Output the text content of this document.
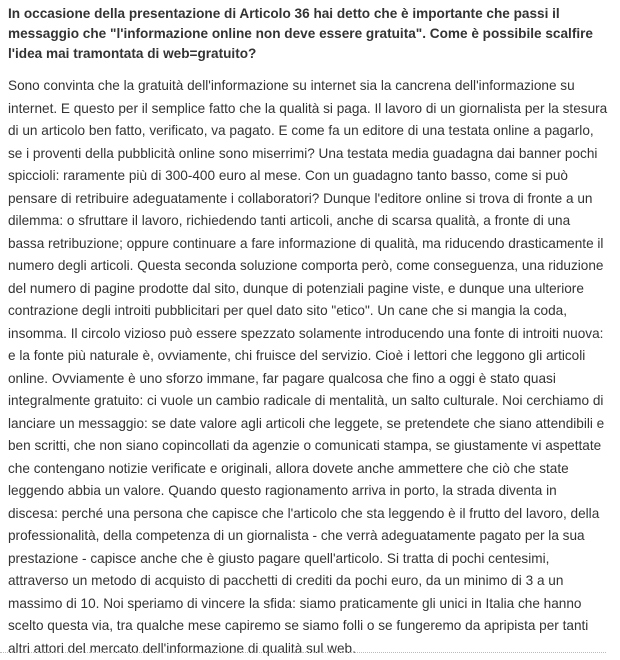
In occasione della presentazione di Articolo 36 hai detto che è importante che passi il messaggio che "l'informazione online non deve essere gratuita". Come è possibile scalfire l'idea mai tramontata di web=gratuito?

Sono convinta che la gratuità dell'informazione su internet sia la cancrena dell'informazione su internet. E questo per il semplice fatto che la qualità si paga. Il lavoro di un giornalista per la stesura di un articolo ben fatto, verificato, va pagato. E come fa un editore di una testata online a pagarlo, se i proventi della pubblicità online sono miserrimi? Una testata media guadagna dai banner pochi spiccioli: raramente più di 300-400 euro al mese. Con un guadagno tanto basso, come si può pensare di retribuire adeguatamente i collaboratori? Dunque l'editore online si trova di fronte a un dilemma: o sfruttare il lavoro, richiedendo tanti articoli, anche di scarsa qualità, a fronte di una bassa retribuzione; oppure continuare a fare informazione di qualità, ma riducendo drasticamente il numero degli articoli. Questa seconda soluzione comporta però, come conseguenza, una riduzione del numero di pagine prodotte dal sito, dunque di potenziali pagine viste, e dunque una ulteriore contrazione degli introiti pubblicitari per quel dato sito "etico". Un cane che si mangia la coda, insomma. Il circolo vizioso può essere spezzato solamente introducendo una fonte di introiti nuova: e la fonte più naturale è, ovviamente, chi fruisce del servizio. Cioè i lettori che leggono gli articoli online. Ovviamente è uno sforzo immane, far pagare qualcosa che fino a oggi è stato quasi integralmente gratuito: ci vuole un cambio radicale di mentalità, un salto culturale. Noi cerchiamo di lanciare un messaggio: se date valore agli articoli che leggete, se pretendete che siano attendibili e ben scritti, che non siano copincollati da agenzie o comunicati stampa, se giustamente vi aspettate che contengano notizie verificate e originali, allora dovete anche ammettere che ciò che state leggendo abbia un valore. Quando questo ragionamento arriva in porto, la strada diventa in discesa: perché una persona che capisce che l'articolo che sta leggendo è il frutto del lavoro, della professionalità, della competenza di un giornalista - che verrà adeguatamente pagato per la sua prestazione - capisce anche che è giusto pagare quell'articolo. Si tratta di pochi centesimi, attraverso un metodo di acquisto di pacchetti di crediti da pochi euro, da un minimo di 3 a un massimo di 10. Noi speriamo di vincere la sfida: siamo praticamente gli unici in Italia che hanno scelto questa via, tra qualche mese capiremo se siamo folli o se fungeremo da apripista per tanti altri attori del mercato dell'informazione di qualità sul web.
